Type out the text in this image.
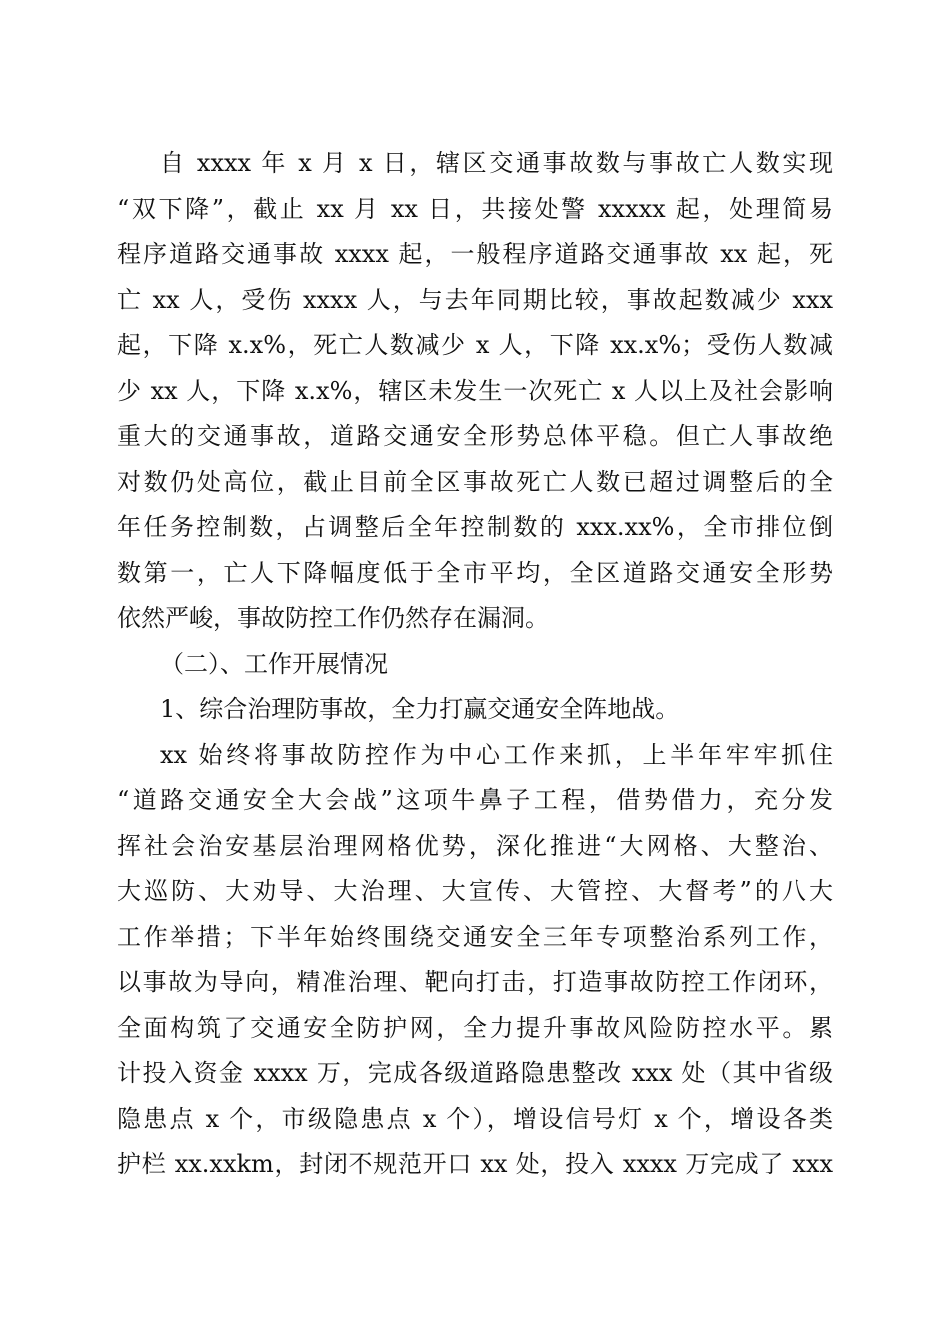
自 xxxx 年 x 月 x 日，辖区交通事故数与事故亡人数实现
“双下降”，截止 xx 月 xx 日，共接处警 xxxxx 起，处理简易
程序道路交通事故 xxxx 起，一般程序道路交通事故 xx 起，死
亡 xx 人，受伤 xxxx 人，与去年同期比较，事故起数减少 xxx
起，下降 x.x%，死亡人数减少 x 人，下降 xx.x%；受伤人数减
少 xx 人，下降 x.x%，辖区未发生一次死亡 x 人以上及社会影响
重大的交通事故，道路交通安全形势总体平稳。但亡人事故绝
对数仍处高位，截止目前全区事故死亡人数已超过调整后的全
年任务控制数，占调整后全年控制数的 xxx.xx%，全市排位倒
数第一，亡人下降幅度低于全市平均，全区道路交通安全形势
依然严峻，事故防控工作仍然存在漏洞。
（二）、工作开展情况
1、综合治理防事故，全力打赢交通安全阵地战。
xx 始终将事故防控作为中心工作来抓，上半年牢牢抓住
“道路交通安全大会战”这项牛鼻子工程，借势借力，充分发
挥社会治安基层治理网格优势，深化推进“大网格、大整治、
大巡防、大劝导、大治理、大宣传、大管控、大督考”的八大
工作举措；下半年始终围绕交通安全三年专项整治系列工作，
以事故为导向，精准治理、靶向打击，打造事故防控工作闭环，
全面构筑了交通安全防护网，全力提升事故风险防控水平。累
计投入资金 xxxx 万，完成各级道路隐患整改 xxx 处（其中省级
隐患点 x 个，市级隐患点 x 个），增设信号灯 x 个，增设各类
护栏 xx.xxkm，封闭不规范开口 xx 处，投入 xxxx 万完成了 xxx
